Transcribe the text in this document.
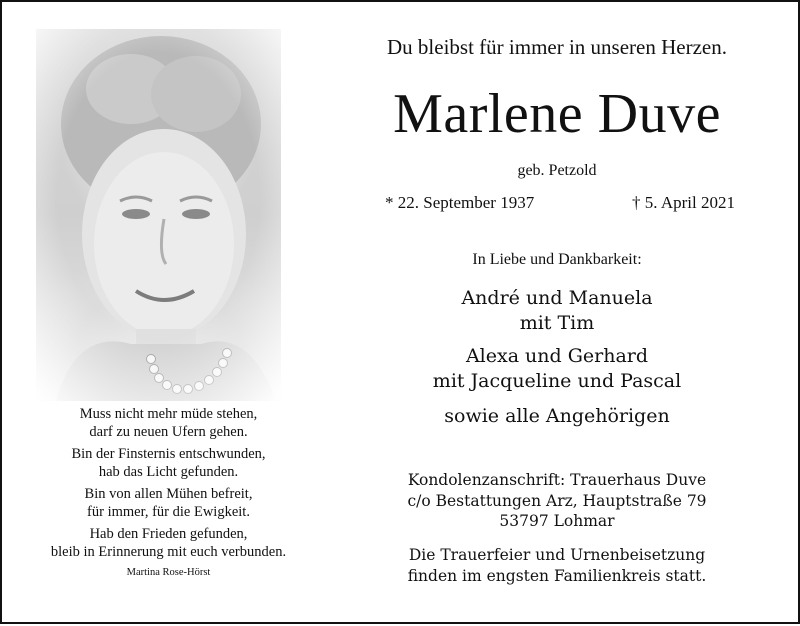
Muss nicht mehr müde stehen,
darf zu neuen Ufern gehen.
Bin der Finsternis entschwunden,
hab das Licht gefunden.
Bin von allen Mühen befreit,
für immer, für die Ewigkeit.
Hab den Frieden gefunden,
bleib in Erinnerung mit euch verbunden.
Martina Rose-Hörst
Du bleibst für immer in unseren Herzen.
Marlene Duve
geb. Petzold
* 22. September 1937	† 5. April 2021
In Liebe und Dankbarkeit:
André und Manuela
mit Tim
Alexa und Gerhard
mit Jacqueline und Pascal
sowie alle Angehörigen
Kondolenzanschrift: Trauerhaus Duve
c/o Bestattungen Arz, Hauptstraße 79
53797 Lohmar
Die Trauerfeier und Urnenbeisetzung
finden im engsten Familienkreis statt.
